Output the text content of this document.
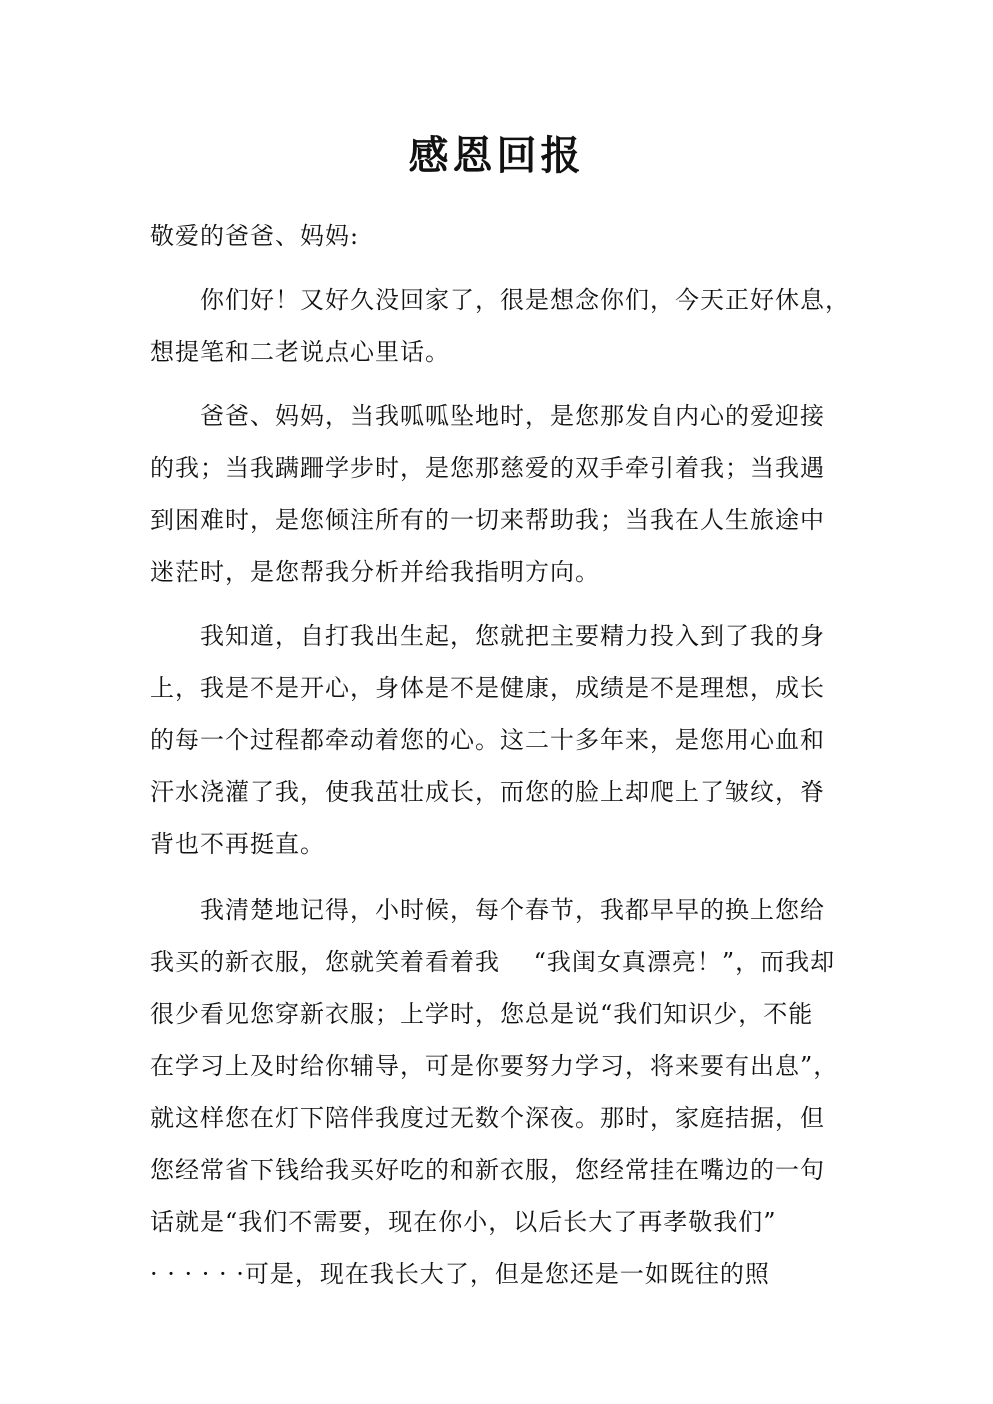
感恩回报

敬爱的爸爸、妈妈:

你们好！又好久没回家了，很是想念你们，今天正好休息，

想提笔和二老说点心里话。

爸爸、妈妈，当我呱呱坠地时，是您那发自内心的爱迎接

的我；当我蹒跚学步时，是您那慈爱的双手牵引着我；当我遇

到困难时，是您倾注所有的一切来帮助我；当我在人生旅途中

迷茫时，是您帮我分析并给我指明方向。

我知道，自打我出生起，您就把主要精力投入到了我的身

上，我是不是开心，身体是不是健康，成绩是不是理想，成长

的每一个过程都牵动着您的心。这二十多年来，是您用心血和

汗水浇灌了我，使我茁壮成长，而您的脸上却爬上了皱纹，脊

背也不再挺直。

我清楚地记得，小时候，每个春节，我都早早的换上您给

我买的新衣服，您就笑着看着我　 “我闺女真漂亮！”，而我却

很少看见您穿新衣服；上学时，您总是说“我们知识少，不能

在学习上及时给你辅导，可是你要努力学习，将来要有出息”，

就这样您在灯下陪伴我度过无数个深夜。那时，家庭拮据，但

您经常省下钱给我买好吃的和新衣服，您经常挂在嘴边的一句

话就是“我们不需要，现在你小，以后长大了再孝敬我们”

· · · · · ·可是，现在我长大了，但是您还是一如既往的照
